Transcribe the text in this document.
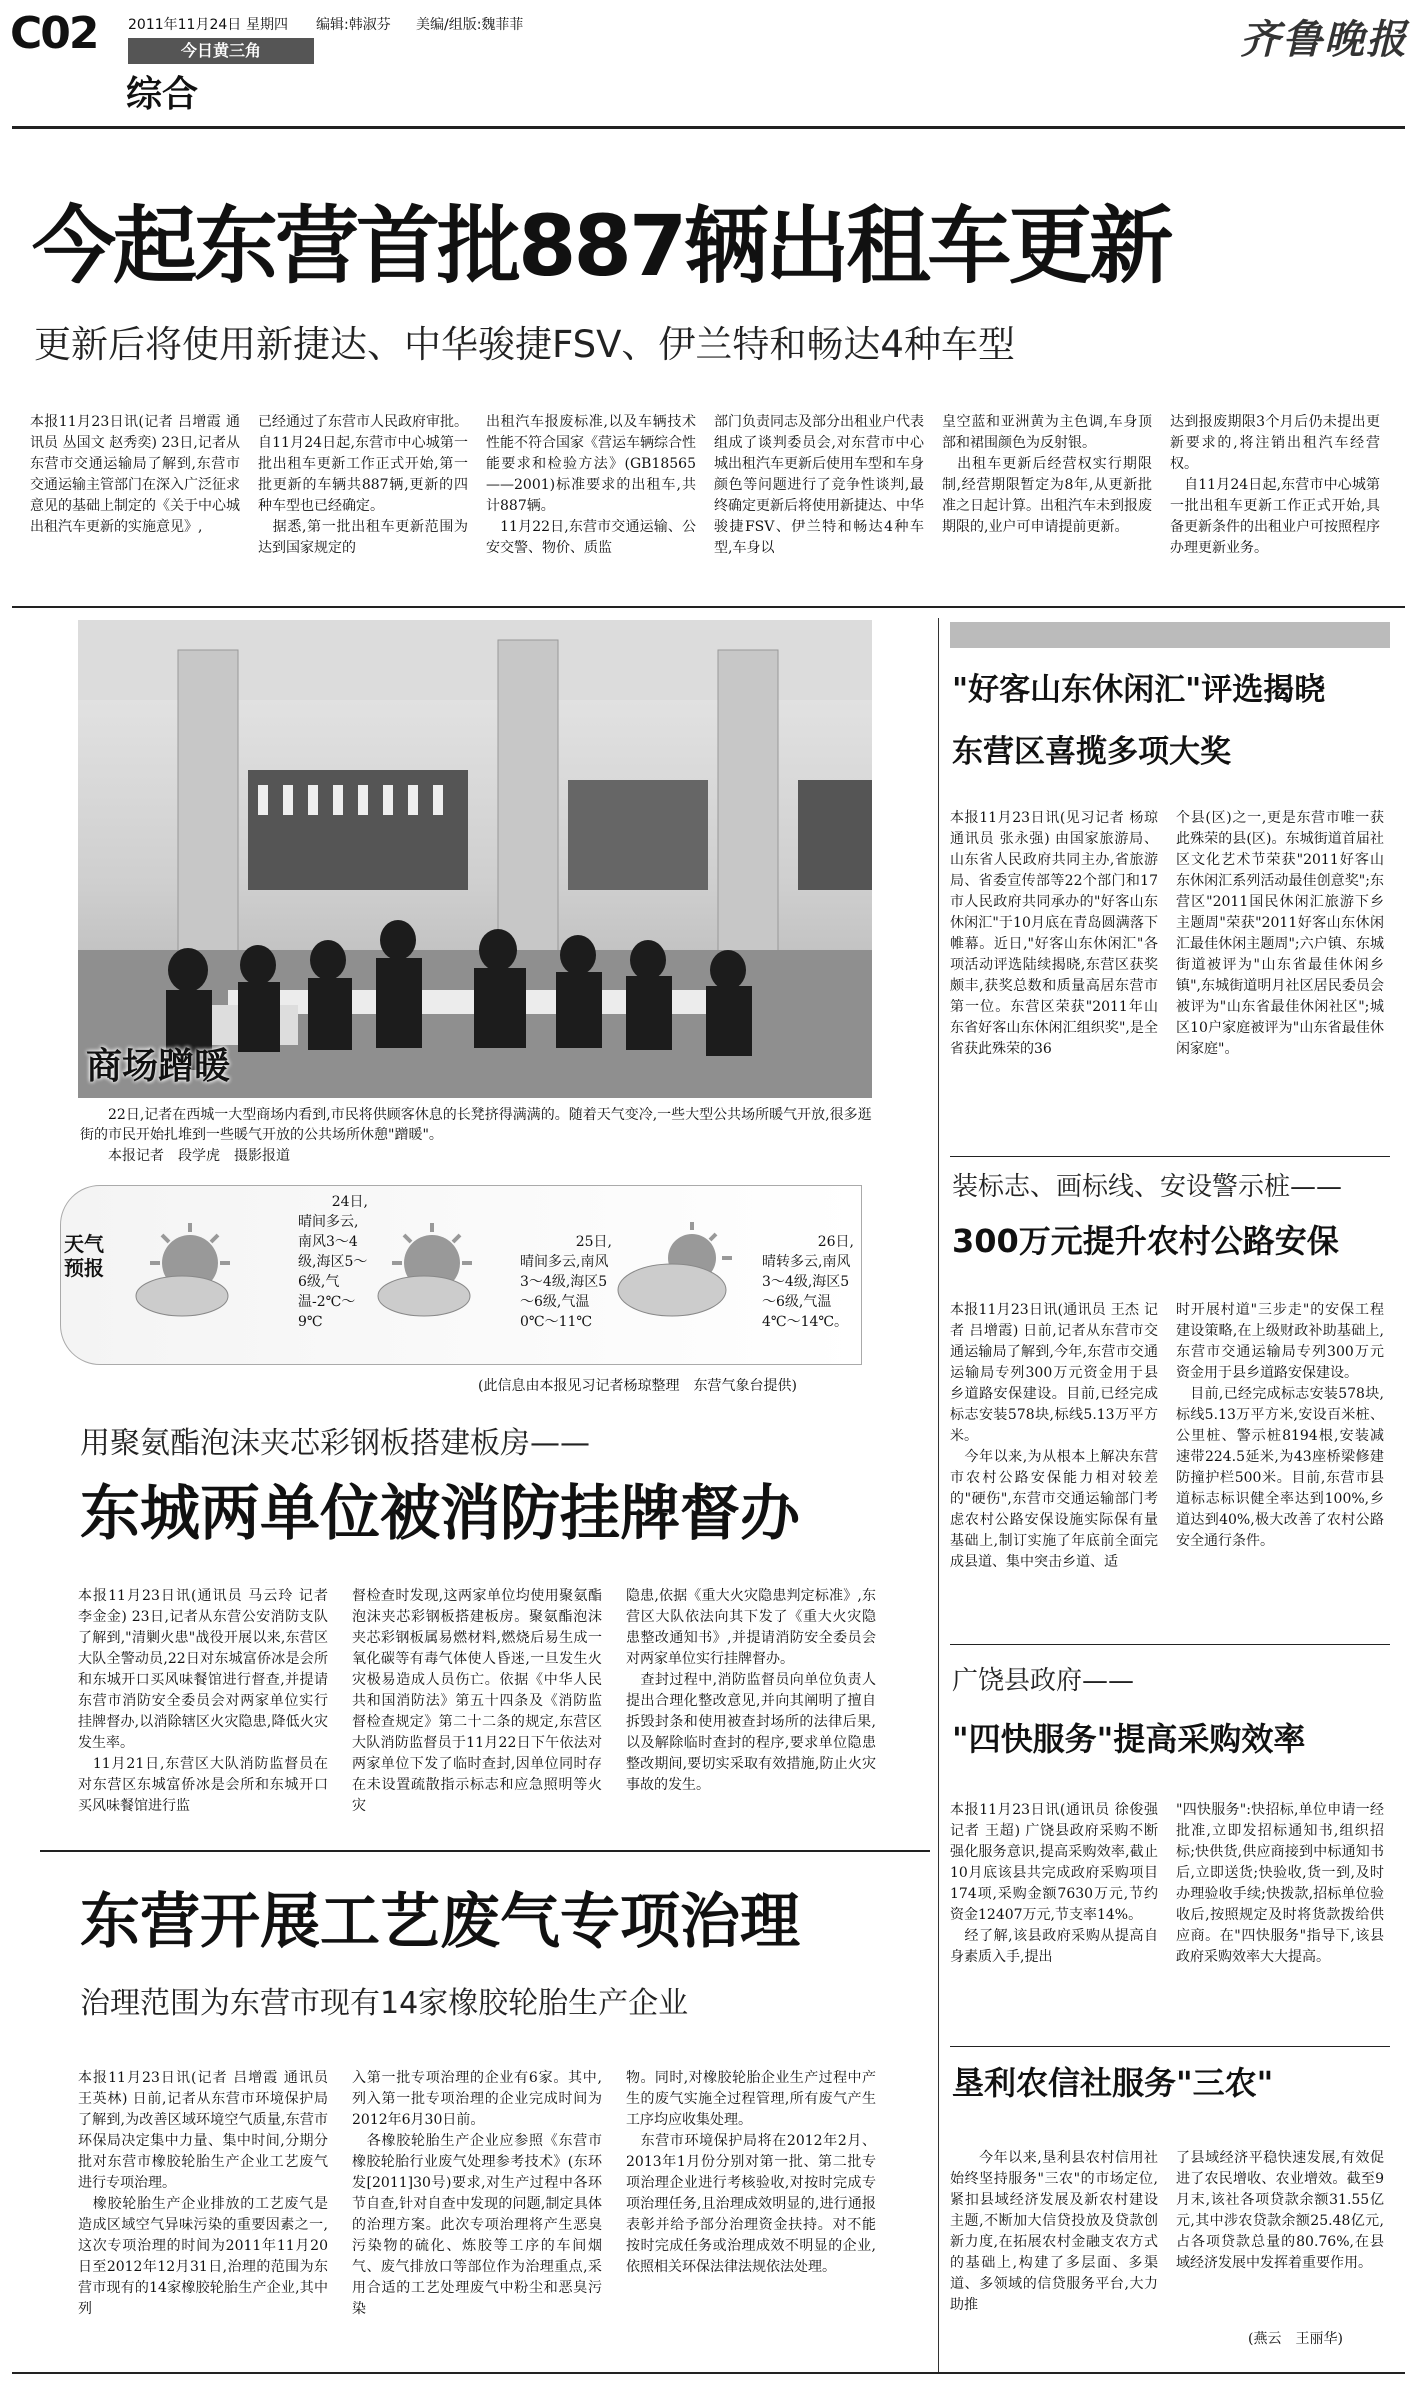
C02 2011年11月24日 星期四 编辑:韩淑芬 美编/组版:魏菲菲
今日黄三角
综合
齐鲁晚报
今起东营首批887辆出租车更新
更新后将使用新捷达、中华骏捷FSV、伊兰特和畅达4种车型
本报11月23日讯(记者 吕增霞 通讯员 丛国文 赵秀奕) 23日,记者从东营市交通运输局了解到,东营市交通运输主管部门在深入广泛征求意见的基础上制定的《关于中心城出租汽车更新的实施意见》,
已经通过了东营市人民政府审批。自11月24日起,东营市中心城第一批出租车更新工作正式开始,第一批更新的车辆共887辆,更新的四种车型也已经确定。
　据悉,第一批出租车更新范围为达到国家规定的
出租汽车报废标准,以及车辆技术性能不符合国家《营运车辆综合性能要求和检验方法》(GB18565——2001)标准要求的出租车,共计887辆。
　11月22日,东营市交通运输、公安交警、物价、质监
部门负责同志及部分出租业户代表组成了谈判委员会,对东营市中心城出租汽车更新后使用车型和车身颜色等问题进行了竞争性谈判,最终确定更新后将使用新捷达、中华骏捷FSV、伊兰特和畅达4种车型,车身以
皇空蓝和亚洲黄为主色调,车身顶部和裙围颜色为反射银。
　出租车更新后经营权实行期限制,经营期限暂定为8年,从更新批准之日起计算。出租汽车未到报废期限的,业户可申请提前更新。
达到报废期限3个月后仍未提出更新要求的,将注销出租汽车经营权。
　自11月24日起,东营市中心城第一批出租车更新工作正式开始,具备更新条件的出租业户可按照程序办理更新业务。
商场蹭暖
　　22日,记者在西城一大型商场内看到,市民将供顾客休息的长凳挤得满满的。随着天气变冷,一些大型公共场所暖气开放,很多逛街的市民开始扎堆到一些暖气开放的公共场所休憩"蹭暖"。
　　本报记者　段学虎　摄影报道
天气预报
24日,
晴间多云,南风3～4级,海区5～6级,气温-2℃～9℃
25日,
晴间多云,南风3～4级,海区5～6级,气温0℃～11℃
26日,
晴转多云,南风3～4级,海区5～6级,气温4℃～14℃。
(此信息由本报见习记者杨琼整理　东营气象台提供)
用聚氨酯泡沫夹芯彩钢板搭建板房——
东城两单位被消防挂牌督办
本报11月23日讯(通讯员 马云玲 记者 李金金) 23日,记者从东营公安消防支队了解到,"清剿火患"战役开展以来,东营区大队全警动员,22日对东城富侨冰是会所和东城开口买风味餐馆进行督查,并提请东营市消防安全委员会对两家单位实行挂牌督办,以消除辖区火灾隐患,降低火灾发生率。
　11月21日,东营区大队消防监督员在对东营区东城富侨冰是会所和东城开口买风味餐馆进行监
督检查时发现,这两家单位均使用聚氨酯泡沫夹芯彩钢板搭建板房。聚氨酯泡沫夹芯彩钢板属易燃材料,燃烧后易生成一氧化碳等有毒气体使人昏迷,一旦发生火灾极易造成人员伤亡。依据《中华人民共和国消防法》第五十四条及《消防监督检查规定》第二十二条的规定,东营区大队消防监督员于11月22日下午依法对两家单位下发了临时查封,因单位同时存在未设置疏散指示标志和应急照明等火灾
隐患,依据《重大火灾隐患判定标准》,东营区大队依法向其下发了《重大火灾隐患整改通知书》,并提请消防安全委员会对两家单位实行挂牌督办。
　查封过程中,消防监督员向单位负责人提出合理化整改意见,并向其阐明了擅自拆毁封条和使用被查封场所的法律后果,以及解除临时查封的程序,要求单位隐患整改期间,要切实采取有效措施,防止火灾事故的发生。
东营开展工艺废气专项治理
治理范围为东营市现有14家橡胶轮胎生产企业
本报11月23日讯(记者 吕增霞 通讯员 王英林) 日前,记者从东营市环境保护局了解到,为改善区域环境空气质量,东营市环保局决定集中力量、集中时间,分期分批对东营市橡胶轮胎生产企业工艺废气进行专项治理。
　橡胶轮胎生产企业排放的工艺废气是造成区域空气异味污染的重要因素之一,这次专项治理的时间为2011年11月20日至2012年12月31日,治理的范围为东营市现有的14家橡胶轮胎生产企业,其中列
入第一批专项治理的企业有6家。其中,列入第一批专项治理的企业完成时间为2012年6月30日前。
　各橡胶轮胎生产企业应参照《东营市橡胶轮胎行业废气处理参考技术》(东环发[2011]30号)要求,对生产过程中各环节自查,针对自查中发现的问题,制定具体的治理方案。此次专项治理将产生恶臭污染物的硫化、炼胶等工序的车间烟气、废气排放口等部位作为治理重点,采用合适的工艺处理废气中粉尘和恶臭污染
物。同时,对橡胶轮胎企业生产过程中产生的废气实施全过程管理,所有废气产生工序均应收集处理。
　东营市环境保护局将在2012年2月、2013年1月份分别对第一批、第二批专项治理企业进行考核验收,对按时完成专项治理任务,且治理成效明显的,进行通报表彰并给予部分治理资金扶持。对不能按时完成任务或治理成效不明显的企业,依照相关环保法律法规依法处理。
"好客山东休闲汇"评选揭晓
东营区喜揽多项大奖
本报11月23日讯(见习记者 杨琼 通讯员 张永强) 由国家旅游局、山东省人民政府共同主办,省旅游局、省委宣传部等22个部门和17市人民政府共同承办的"好客山东休闲汇"于10月底在青岛圆满落下帷幕。近日,"好客山东休闲汇"各项活动评选陆续揭晓,东营区获奖颇丰,获奖总数和质量高居东营市第一位。东营区荣获"2011年山东省好客山东休闲汇组织奖",是全省获此殊荣的36
个县(区)之一,更是东营市唯一获此殊荣的县(区)。东城街道首届社区文化艺术节荣获"2011好客山东休闲汇系列活动最佳创意奖";东营区"2011国民休闲汇旅游下乡主题周"荣获"2011好客山东休闲汇最佳休闲主题周";六户镇、东城街道被评为"山东省最佳休闲乡镇",东城街道明月社区居民委员会被评为"山东省最佳休闲社区";城区10户家庭被评为"山东省最佳休闲家庭"。
装标志、画标线、安设警示桩——
300万元提升农村公路安保
本报11月23日讯(通讯员 王杰 记者 吕增霞) 日前,记者从东营市交通运输局了解到,今年,东营市交通运输局专列300万元资金用于县乡道路安保建设。目前,已经完成标志安装578块,标线5.13万平方米。
　今年以来,为从根本上解决东营市农村公路安保能力相对较差的"硬伤",东营市交通运输部门考虑农村公路安保设施实际保有量基础上,制订实施了年底前全面完成县道、集中突击乡道、适
时开展村道"三步走"的安保工程建设策略,在上级财政补助基础上,东营市交通运输局专列300万元资金用于县乡道路安保建设。
　目前,已经完成标志安装578块,标线5.13万平方米,安设百米桩、公里桩、警示桩8194根,安装减速带224.5延米,为43座桥梁修建防撞护栏500米。目前,东营市县道标志标识健全率达到100%,乡道达到40%,极大改善了农村公路安全通行条件。
广饶县政府——
"四快服务"提高采购效率
本报11月23日讯(通讯员 徐俊强 记者 王超) 广饶县政府采购不断强化服务意识,提高采购效率,截止10月底该县共完成政府采购项目174项,采购金额7630万元,节约资金12407万元,节支率14%。
　经了解,该县政府采购从提高自身素质入手,提出
"四快服务":快招标,单位申请一经批准,立即发招标通知书,组织招标;快供货,供应商接到中标通知书后,立即送货;快验收,货一到,及时办理验收手续;快拨款,招标单位验收后,按照规定及时将货款拨给供应商。在"四快服务"指导下,该县政府采购效率大大提高。
垦利农信社服务"三农"
　　今年以来,垦利县农村信用社始终坚持服务"三农"的市场定位,紧扣县域经济发展及新农村建设主题,不断加大信贷投放及贷款创新力度,在拓展农村金融支农方式的基础上,构建了多层面、多渠道、多领域的信贷服务平台,大力助推
了县域经济平稳快速发展,有效促进了农民增收、农业增效。截至9月末,该社各项贷款余额31.55亿元,其中涉农贷款余额25.48亿元,占各项贷款总量的80.76%,在县域经济发展中发挥着重要作用。
(燕云　王丽华)
